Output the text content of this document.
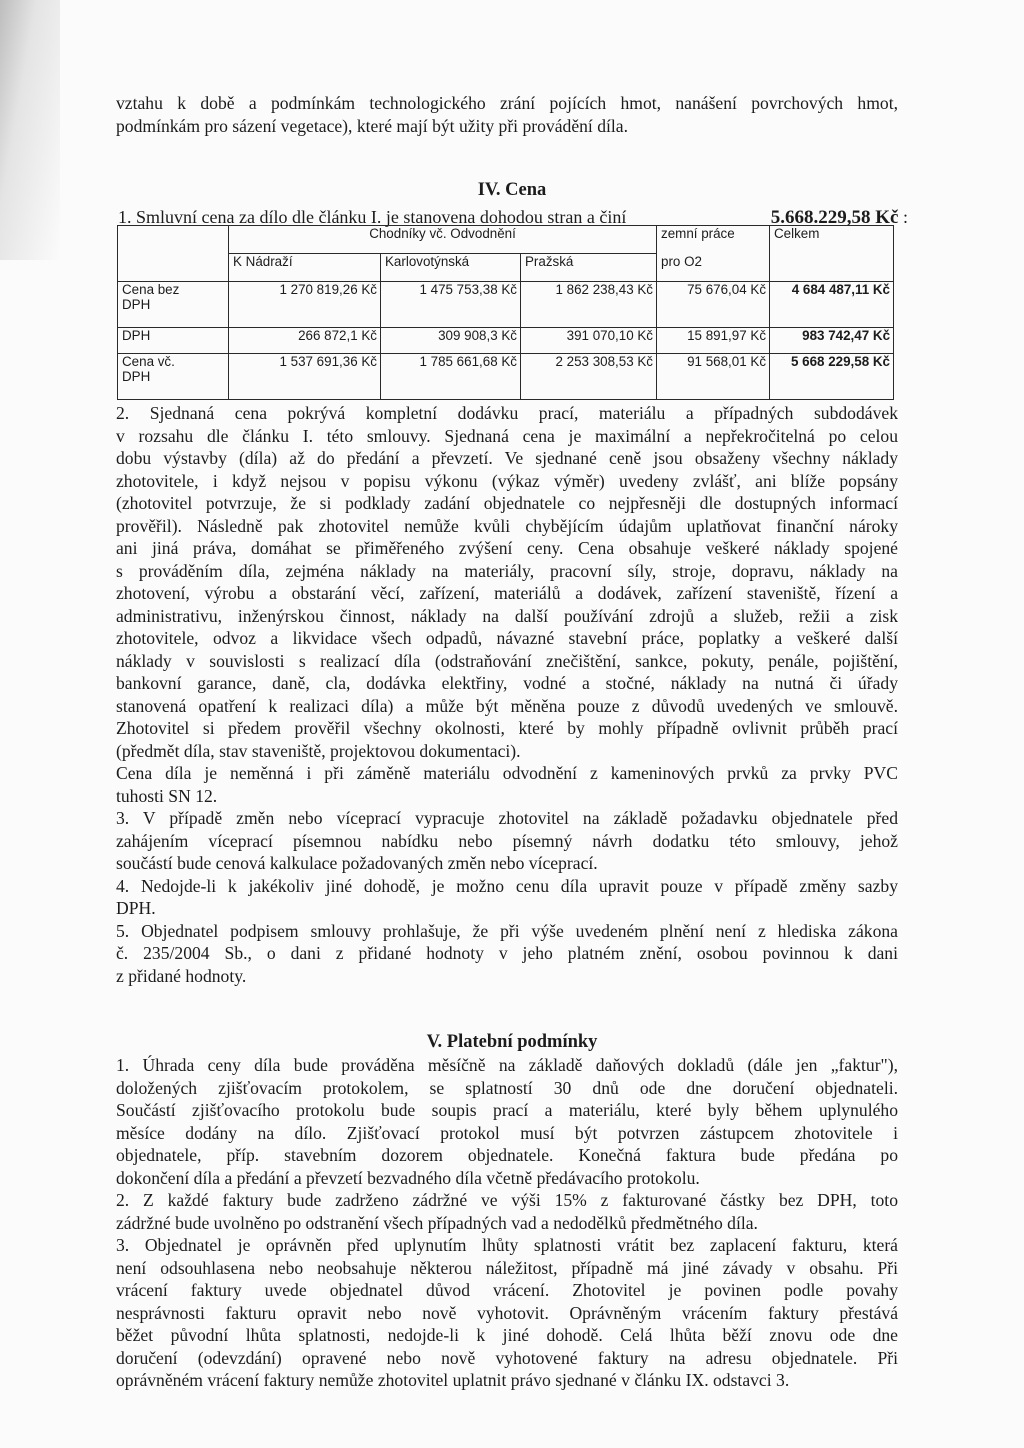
vztahu k době a podmínkám technologického zrání pojících hmot, nanášení povrchových hmot,
podmínkám pro sázení vegetace), které mají být užity při provádění díla.
IV. Cena
1. Smluvní cena za dílo dle článku I. je stanovena dohodou stran a činí	5.668.229,58 Kč :
	Chodníky vč. Odvodnění			zemní práce	Celkem
	K Nádraží	Karlovotýnská	Pražská	pro O2	
Cena bez
DPH	1 270 819,26 Kč	1 475 753,38 Kč	1 862 238,43 Kč	75 676,04 Kč	4 684 487,11 Kč
DPH	266 872,1 Kč	309 908,3 Kč	391 070,10 Kč	15 891,97 Kč	983 742,47 Kč
Cena vč.
DPH	1 537 691,36 Kč	1 785 661,68 Kč	2 253 308,53 Kč	91 568,01 Kč	5 668 229,58 Kč
2. Sjednaná cena pokrývá kompletní dodávku prací, materiálu a případných subdodávek
v rozsahu dle článku I. této smlouvy. Sjednaná cena je maximální a nepřekročitelná po celou
dobu výstavby (díla) až do předání a převzetí. Ve sjednané ceně jsou obsaženy všechny náklady
zhotovitele, i když nejsou v popisu výkonu (výkaz výměr) uvedeny zvlášť, ani blíže popsány
(zhotovitel potvrzuje, že si podklady zadání objednatele co nejpřesněji dle dostupných informací
prověřil). Následně pak zhotovitel nemůže kvůli chybějícím údajům uplatňovat finanční nároky
ani jiná práva, domáhat se přiměřeného zvýšení ceny. Cena obsahuje veškeré náklady spojené
s prováděním díla, zejména náklady na materiály, pracovní síly, stroje, dopravu, náklady na
zhotovení, výrobu a obstarání věcí, zařízení, materiálů a dodávek, zařízení staveniště, řízení a
administrativu, inženýrskou činnost, náklady na další používání zdrojů a služeb, režii a zisk
zhotovitele, odvoz a likvidace všech odpadů, návazné stavební práce, poplatky a veškeré další
náklady v souvislosti s realizací díla (odstraňování znečištění, sankce, pokuty, penále, pojištění,
bankovní garance, daně, cla, dodávka elektřiny, vodné a stočné, náklady na nutná či úřady
stanovená opatření k realizaci díla) a může být měněna pouze z důvodů uvedených ve smlouvě.
Zhotovitel si předem prověřil všechny okolnosti, které by mohly případně ovlivnit průběh prací
(předmět díla, stav staveniště, projektovou dokumentaci).
Cena díla je neměnná i při záměně materiálu odvodnění z kameninových prvků za prvky PVC
tuhosti SN 12.
3. V případě změn nebo víceprací vypracuje zhotovitel na základě požadavku objednatele před
zahájením víceprací písemnou nabídku nebo písemný návrh dodatku této smlouvy, jehož
součástí bude cenová kalkulace požadovaných změn nebo víceprací.
4. Nedojde-li k jakékoliv jiné dohodě, je možno cenu díla upravit pouze v případě změny sazby
DPH.
5. Objednatel podpisem smlouvy prohlašuje, že při výše uvedeném plnění není z hlediska zákona
č. 235/2004 Sb., o dani z přidané hodnoty v jeho platném znění, osobou povinnou k dani
z přidané hodnoty.
V. Platební podmínky
1. Úhrada ceny díla bude prováděna měsíčně na základě daňových dokladů (dále jen „faktur"),
doložených zjišťovacím protokolem, se splatností 30 dnů ode dne doručení objednateli.
Součástí zjišťovacího protokolu bude soupis prací a materiálu, které byly během uplynulého
měsíce dodány na dílo. Zjišťovací protokol musí být potvrzen zástupcem zhotovitele i
objednatele, příp. stavebním dozorem objednatele. Konečná faktura bude předána po
dokončení díla a předání a převzetí bezvadného díla včetně předávacího protokolu.
2. Z každé faktury bude zadrženo zádržné ve výši 15% z fakturované částky bez DPH, toto
zádržné bude uvolněno po odstranění všech případných vad a nedodělků předmětného díla.
3. Objednatel je oprávněn před uplynutím lhůty splatnosti vrátit bez zaplacení fakturu, která
není odsouhlasena nebo neobsahuje některou náležitost, případně má jiné závady v obsahu. Při
vrácení faktury uvede objednatel důvod vrácení. Zhotovitel je povinen podle povahy
nesprávnosti fakturu opravit nebo nově vyhotovit. Oprávněným vrácením faktury přestává
běžet původní lhůta splatnosti, nedojde-li k jiné dohodě. Celá lhůta běží znovu ode dne
doručení (odevzdání) opravené nebo nově vyhotovené faktury na adresu objednatele. Při
oprávněném vrácení faktury nemůže zhotovitel uplatnit právo sjednané v článku IX. odstavci 3.
